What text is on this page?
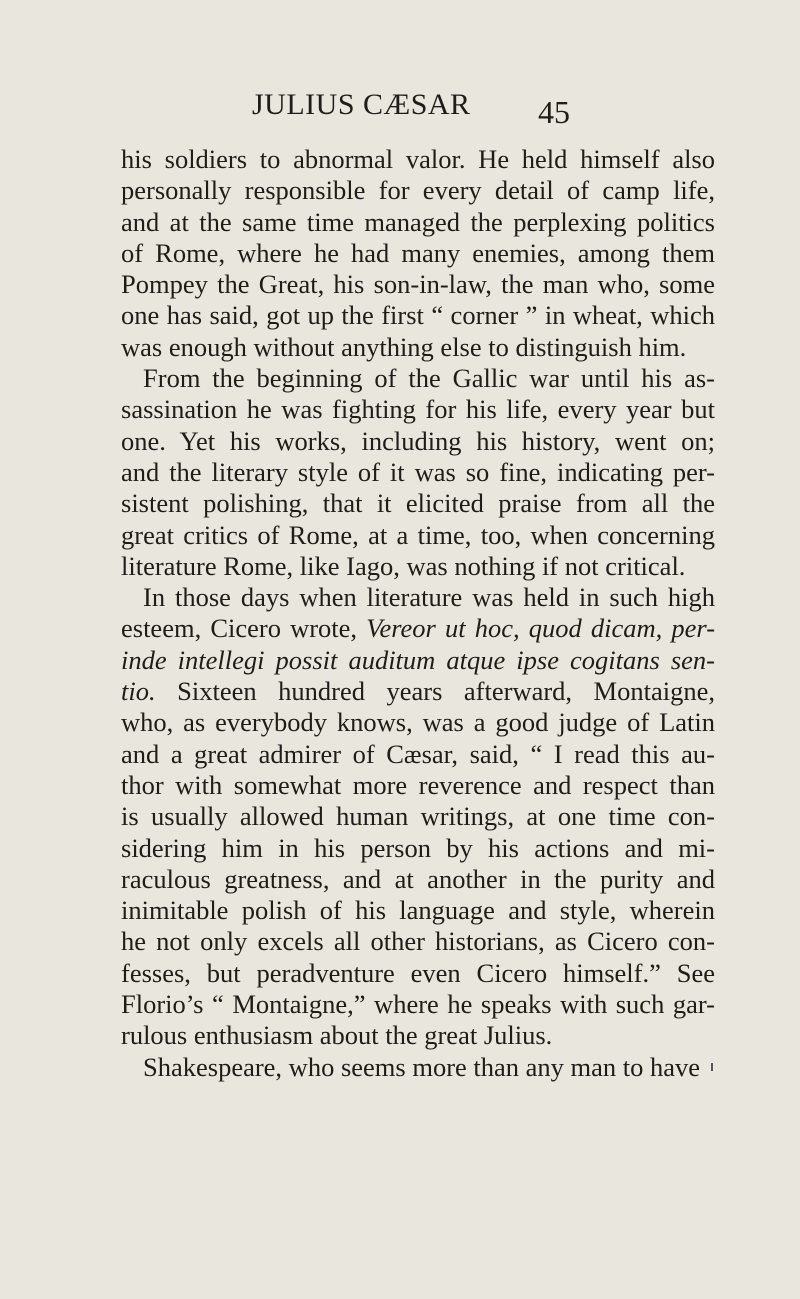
JULIUS CÆSAR 45
his soldiers to abnormal valor. He held himself also
personally responsible for every detail of camp life,
and at the same time managed the perplexing politics
of Rome, where he had many enemies, among them
Pompey the Great, his son-in-law, the man who, some
one has said, got up the first “ corner ” in wheat, which
was enough without anything else to distinguish him.
From the beginning of the Gallic war until his as-
sassination he was fighting for his life, every year but
one. Yet his works, including his history, went on;
and the literary style of it was so fine, indicating per-
sistent polishing, that it elicited praise from all the
great critics of Rome, at a time, too, when concerning
literature Rome, like Iago, was nothing if not critical.
In those days when literature was held in such high
esteem, Cicero wrote, Vereor ut hoc, quod dicam, per-
inde intellegi possit auditum atque ipse cogitans sen-
tio. Sixteen hundred years afterward, Montaigne,
who, as everybody knows, was a good judge of Latin
and a great admirer of Cæsar, said, “ I read this au-
thor with somewhat more reverence and respect than
is usually allowed human writings, at one time con-
sidering him in his person by his actions and mi-
raculous greatness, and at another in the purity and
inimitable polish of his language and style, wherein
he not only excels all other historians, as Cicero con-
fesses, but peradventure even Cicero himself.” See
Florio’s “ Montaigne,” where he speaks with such gar-
rulous enthusiasm about the great Julius.
Shakespeare, who seems more than any man to have
